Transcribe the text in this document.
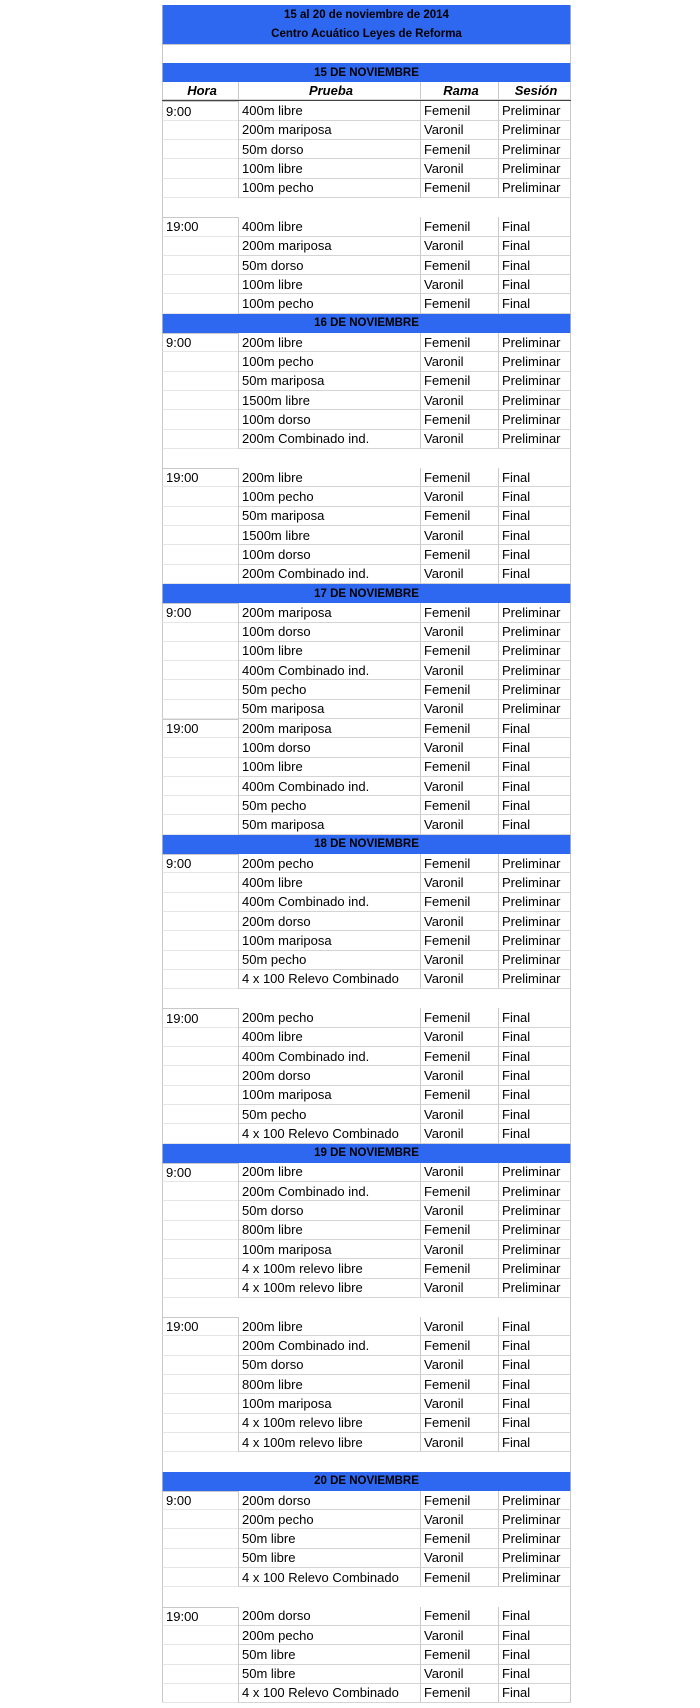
15 al 20 de noviembre de 2014
Centro Acuático Leyes de Reforma
15 DE NOVIEMBRE
Hora	Prueba	Rama	Sesión
9:00	400m libre	Femenil	Preliminar
200m mariposa	Varonil	Preliminar
50m dorso	Femenil	Preliminar
100m libre	Varonil	Preliminar
100m pecho	Femenil	Preliminar
19:00	400m libre	Femenil	Final
200m mariposa	Varonil	Final
50m dorso	Femenil	Final
100m libre	Varonil	Final
100m pecho	Femenil	Final
16 DE NOVIEMBRE
9:00	200m libre	Femenil	Preliminar
100m pecho	Varonil	Preliminar
50m mariposa	Femenil	Preliminar
1500m libre	Varonil	Preliminar
100m dorso	Femenil	Preliminar
200m Combinado ind.	Varonil	Preliminar
19:00	200m libre	Femenil	Final
100m pecho	Varonil	Final
50m mariposa	Femenil	Final
1500m libre	Varonil	Final
100m dorso	Femenil	Final
200m Combinado ind.	Varonil	Final
17 DE NOVIEMBRE
9:00	200m mariposa	Femenil	Preliminar
100m dorso	Varonil	Preliminar
100m libre	Femenil	Preliminar
400m Combinado ind.	Varonil	Preliminar
50m pecho	Femenil	Preliminar
50m mariposa	Varonil	Preliminar
19:00	200m mariposa	Femenil	Final
100m dorso	Varonil	Final
100m libre	Femenil	Final
400m Combinado ind.	Varonil	Final
50m pecho	Femenil	Final
50m mariposa	Varonil	Final
18 DE NOVIEMBRE
9:00	200m pecho	Femenil	Preliminar
400m libre	Varonil	Preliminar
400m Combinado ind.	Femenil	Preliminar
200m dorso	Varonil	Preliminar
100m mariposa	Femenil	Preliminar
50m pecho	Varonil	Preliminar
4 x 100 Relevo Combinado	Varonil	Preliminar
19:00	200m pecho	Femenil	Final
400m libre	Varonil	Final
400m Combinado ind.	Femenil	Final
200m dorso	Varonil	Final
100m mariposa	Femenil	Final
50m pecho	Varonil	Final
4 x 100 Relevo Combinado	Varonil	Final
19 DE NOVIEMBRE
9:00	200m libre	Varonil	Preliminar
200m Combinado ind.	Femenil	Preliminar
50m dorso	Varonil	Preliminar
800m libre	Femenil	Preliminar
100m mariposa	Varonil	Preliminar
4 x 100m relevo libre	Femenil	Preliminar
4 x 100m relevo libre	Varonil	Preliminar
19:00	200m libre	Varonil	Final
200m Combinado ind.	Femenil	Final
50m dorso	Varonil	Final
800m libre	Femenil	Final
100m mariposa	Varonil	Final
4 x 100m relevo libre	Femenil	Final
4 x 100m relevo libre	Varonil	Final
20 DE NOVIEMBRE
9:00	200m dorso	Femenil	Preliminar
200m pecho	Varonil	Preliminar
50m libre	Femenil	Preliminar
50m libre	Varonil	Preliminar
4 x 100 Relevo Combinado	Femenil	Preliminar
19:00	200m dorso	Femenil	Final
200m pecho	Varonil	Final
50m libre	Femenil	Final
50m libre	Varonil	Final
4 x 100 Relevo Combinado	Femenil	Final
